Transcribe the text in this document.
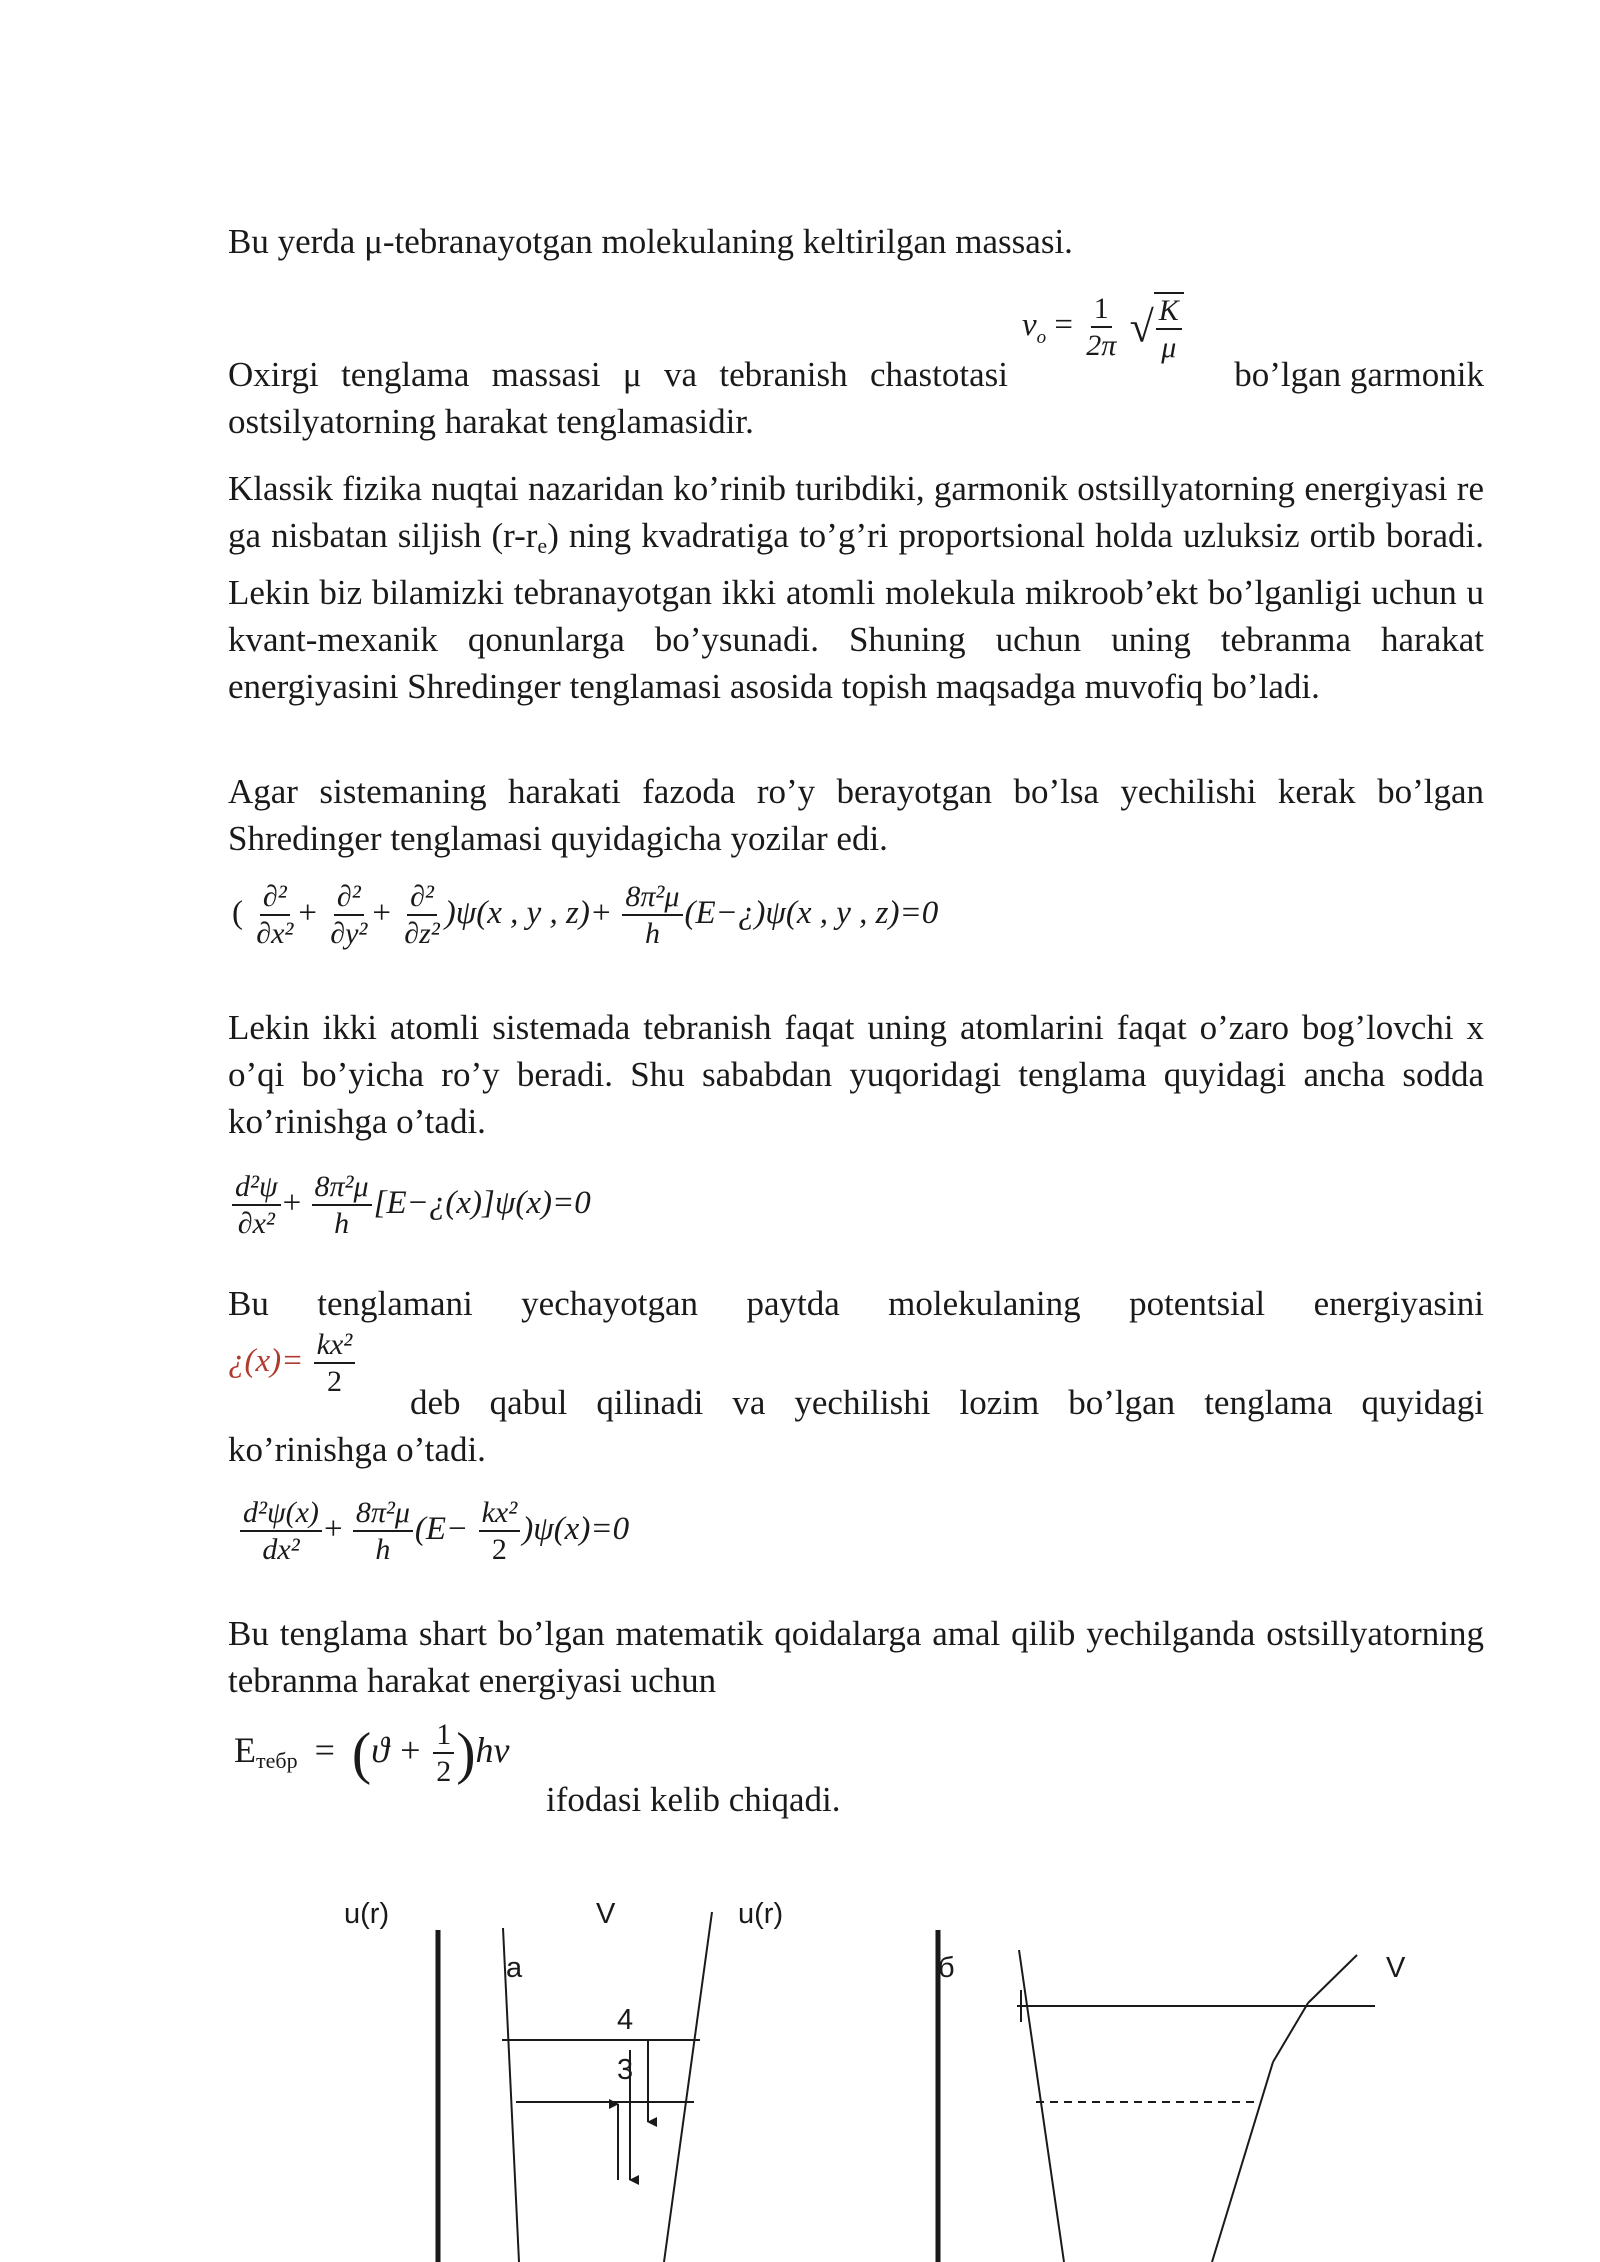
Bu yerda μ-tebranayotgan molekulaning keltirilgan massasi.

$\nu_o = \frac{1}{2\pi}$ √ $\frac{K}{\mu}$

Oxirgi tenglama massasi μ va tebranish chastotasi	bo’lgan garmonik

ostsilyatorning harakat tenglamasidir.

Klassik fizika nuqtai nazaridan ko’rinib turibdiki, garmonik ostsillyatorning energiyasi re ga nisbatan siljish $(r-r_e)$ ning kvadratiga to’g’ri proportsional holda uzluksiz ortib boradi. Lekin biz bilamizki tebranayotgan ikki atomli molekula mikroob’ekt bo’lganligi uchun u kvant-mexanik qonunlarga bo’ysunadi. Shuning uchun uning tebranma harakat energiyasini Shredinger tenglamasi asosida topish maqsadga muvofiq bo’ladi.

Agar sistemaning harakati fazoda ro’y berayotgan bo’lsa yechilishi kerak bo’lgan Shredinger tenglamasi quyidagicha yozilar edi.

( $\frac{\text{∂²}}{\text{∂x²}} + \frac{\text{∂²}}{\text{∂y²}} + \frac{\text{∂²}}{\text{∂z²}} )\psi(x$ , y , $z)+ \frac{\text{8π²μ}}{h}$ (E−¿)ψ(x , y , z)=0

Lekin ikki atomli sistemada tebranish faqat uning atomlarini faqat o’zaro bog’lovchi x o’qi bo’yicha ro’y beradi. Shu sababdan yuqoridagi tenglama quyidagi ancha sodda ko’rinishga o’tadi.

$\frac{\text{d²ψ}}{\text{∂x²}} + \frac{\text{8π²μ}}{h}$ [E−¿(x)]ψ(x)=0

Bu tenglamani yechayotgan paytda molekulaning potentsial energiyasini

¿$(x)= \frac{\text{kx²}}{2}$

deb qabul qilinadi va yechilishi lozim bo’lgan tenglama quyidagi

ko’rinishga o’tadi.

$\frac{\text{d²ψ(x)}}{\text{dx²}} + \frac{\text{8π²μ}}{h} (E- \frac{\text{kx²}}{2} )\psi(x)=0$

Bu tenglama shart bo’lgan matematik qoidalarga amal qilib yechilganda ostsillyatorning tebranma harakat energiyasi uchun

Eтебр = $(ϑ + \frac{1}{2} )h\nu$

ifodasi kelib chiqadi.

u(r)	V	u(r)
a
4
3
б	V
